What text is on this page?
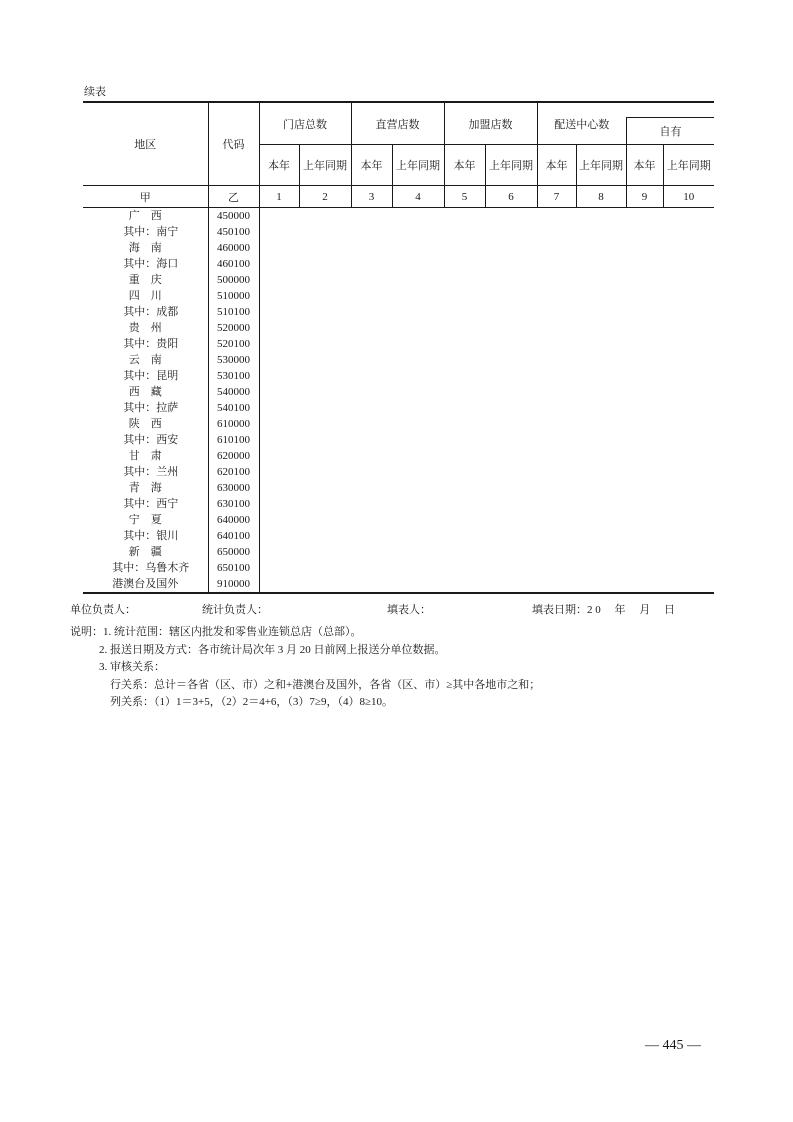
续表
地区	代码	门店总数		直营店数		加盟店数		配送中心数		自有	

		本年	上年同期	本年	上年同期	本年	上年同期	本年	上年同期	本年	上年同期
甲	乙	1	2	3	4	5	6	7	8	9	10
广　西	450000										
　其中：南宁	450100										
海　南	460000										
　其中：海口	460100										
重　庆	500000										
四　川	510000										
　其中：成都	510100										
贵　州	520000										
　其中：贵阳	520100										
云　南	530000										
　其中：昆明	530100										
西　藏	540000										
　其中：拉萨	540100										
陕　西	610000										
　其中：西安	610100										
甘　肃	620000										
　其中：兰州	620100										
青　海	630000										
　其中：西宁	630100										
宁　夏	640000										
　其中：银川	640100										
新　疆	650000										
　其中：乌鲁木齐	650100										
港澳台及国外	910000										
单位负责人：	统计负责人：	填表人：	填表日期：2 0　 年　 月　 日
说明： 1. 统计范围：辖区内批发和零售业连锁总店（总部）。
2. 报送日期及方式：各市统计局次年 3 月 20 日前网上报送分单位数据。
3. 审核关系：
行关系：总计＝各省（区、市）之和+港澳台及国外，各省（区、市）≥其中各地市之和；
列关系：（1）1＝3+5，（2）2＝4+6，（3）7≥9，（4）8≥10。
— 445 —
